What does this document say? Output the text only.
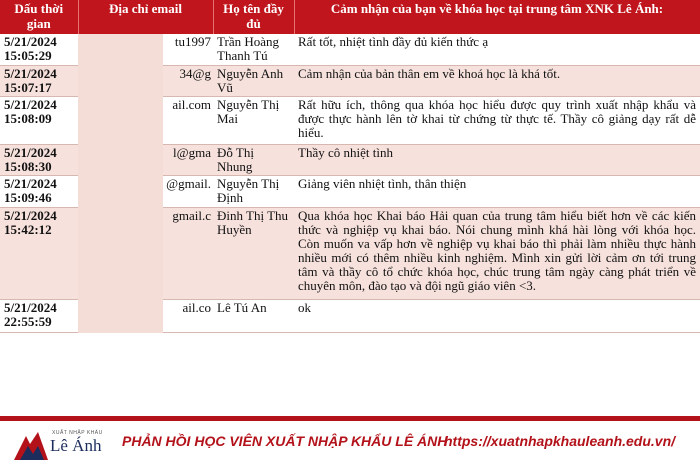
Dấu thời gian	Địa chỉ email	Họ tên đầy đủ	Cảm nhận của bạn về khóa học tại trung tâm XNK Lê Ánh:
5/21/2024
15:05:29	tu1997	Trần Hoàng Thanh Tú	Rất tốt, nhiệt tình đầy đủ kiến thức ạ
5/21/2024
15:07:17	34@g	Nguyễn Anh Vũ	Cảm nhận của bản thân em về khoá học là khá tốt.
5/21/2024
15:08:09	ail.com	Nguyễn Thị Mai	Rất hữu ích, thông qua khóa học hiểu được quy trình xuất nhập khẩu và được thực hành lên tờ khai từ chứng từ thực tế. Thầy cô giảng dạy rất dễ hiểu.
5/21/2024
15:08:30	l@gma	Đỗ Thị Nhung	Thầy cô nhiệt tình
5/21/2024
15:09:46	@gmail.	Nguyễn Thị Định	Giảng viên nhiệt tình, thân thiện
5/21/2024
15:42:12	gmail.c	Đinh Thị Thu Huyền	Qua khóa học Khai báo Hải quan của trung tâm hiểu biết hơn về các kiến thức và nghiệp vụ khai báo. Nói chung mình khá hài lòng với khóa học. Còn muốn va vấp hơn về nghiệp vụ khai báo thì phải làm nhiều thực hành nhiều mới có thêm nhiều kinh nghiệm. Mình xin gửi lời cảm ơn tới trung tâm và thầy cô tổ chức khóa học, chúc trung tâm ngày càng phát triển về chuyên môn, đào tạo và đội ngũ giáo viên <3.
5/21/2024
22:55:59	ail.co	Lê Tú An	ok
XUẤT NHẬP KHẨU
Lê Ánh PHẢN HỒI HỌC VIÊN XUẤT NHẬP KHẨU LÊ ÁNH
https://xuatnhapkhauleanh.edu.vn/
